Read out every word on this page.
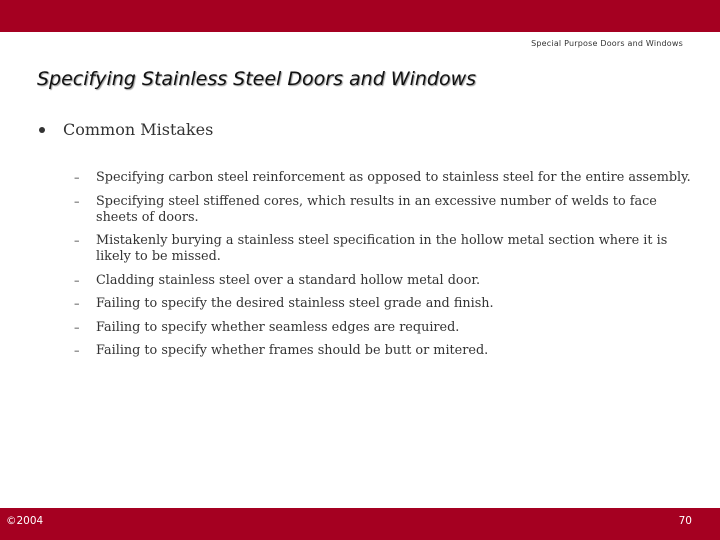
Special Purpose Doors and Windows
Specifying Stainless Steel Doors and Windows
Common Mistakes
–	Specifying carbon steel reinforcement as opposed to stainless steel for the entire assembly.
–	Specifying steel stiffened cores, which results in an excessive number of welds to face sheets of doors.
–	Mistakenly burying a stainless steel specification in the hollow metal section where it is likely to be missed.
–	Cladding stainless steel over a standard hollow metal door.
–	Failing to specify the desired stainless steel grade and finish.
–	Failing to specify whether seamless edges are required.
–	Failing to specify whether frames should be butt or mitered.
©2004	70
